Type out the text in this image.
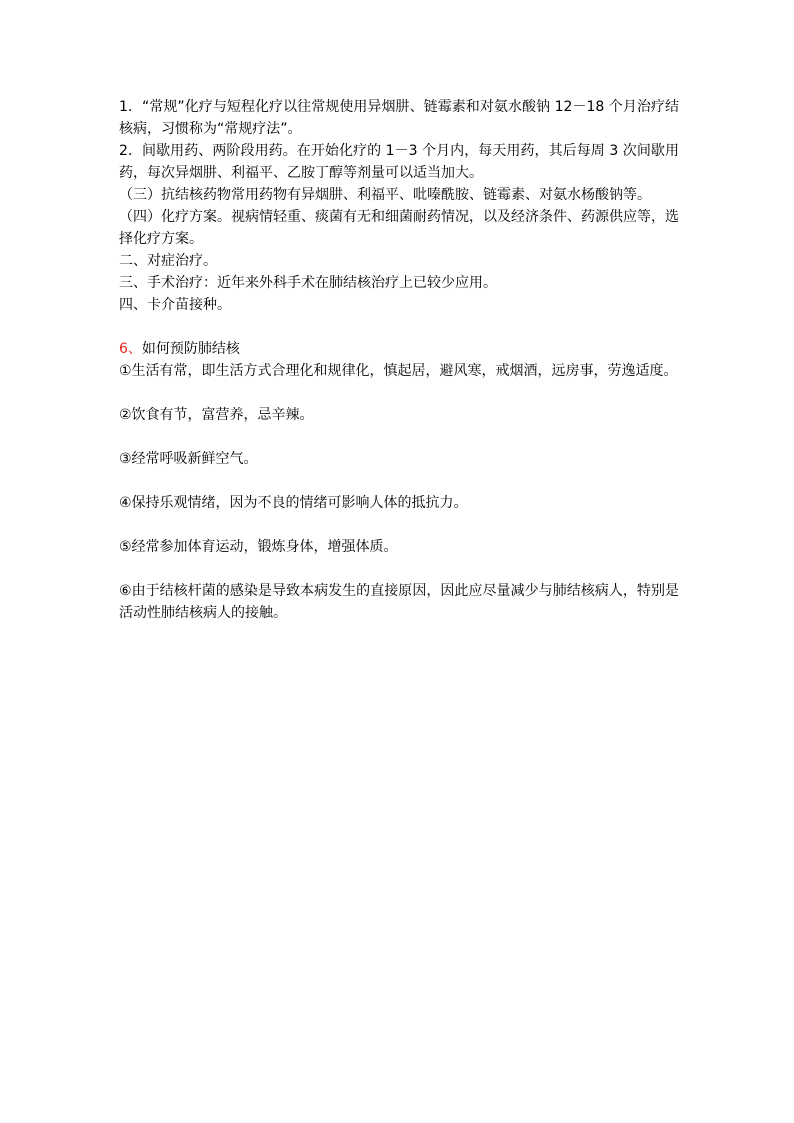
1．“常规”化疗与短程化疗以往常规使用异烟肼、链霉素和对氨水酸钠 12－18 个月治疗结核病，习惯称为“常规疗法”。

2．间歇用药、两阶段用药。在开始化疗的 1－3 个月内，每天用药，其后每周 3 次间歇用药，每次异烟肼、利福平、乙胺丁醇等剂量可以适当加大。

（三）抗结核药物常用药物有异烟肼、利福平、吡嗪酰胺、链霉素、对氨水杨酸钠等。

（四）化疗方案。视病情轻重、痰菌有无和细菌耐药情况，以及经济条件、药源供应等，选择化疗方案。

二、对症治疗。

三、手术治疗：近年来外科手术在肺结核治疗上已较少应用。

四、卡介苗接种。

6、如何预防肺结核

①生活有常，即生活方式合理化和规律化，慎起居，避风寒，戒烟酒，远房事，劳逸适度。

②饮食有节，富营养，忌辛辣。

③经常呼吸新鲜空气。

④保持乐观情绪，因为不良的情绪可影响人体的抵抗力。

⑤经常参加体育运动，锻炼身体，增强体质。

⑥由于结核杆菌的感染是导致本病发生的直接原因，因此应尽量减少与肺结核病人，特别是活动性肺结核病人的接触。
